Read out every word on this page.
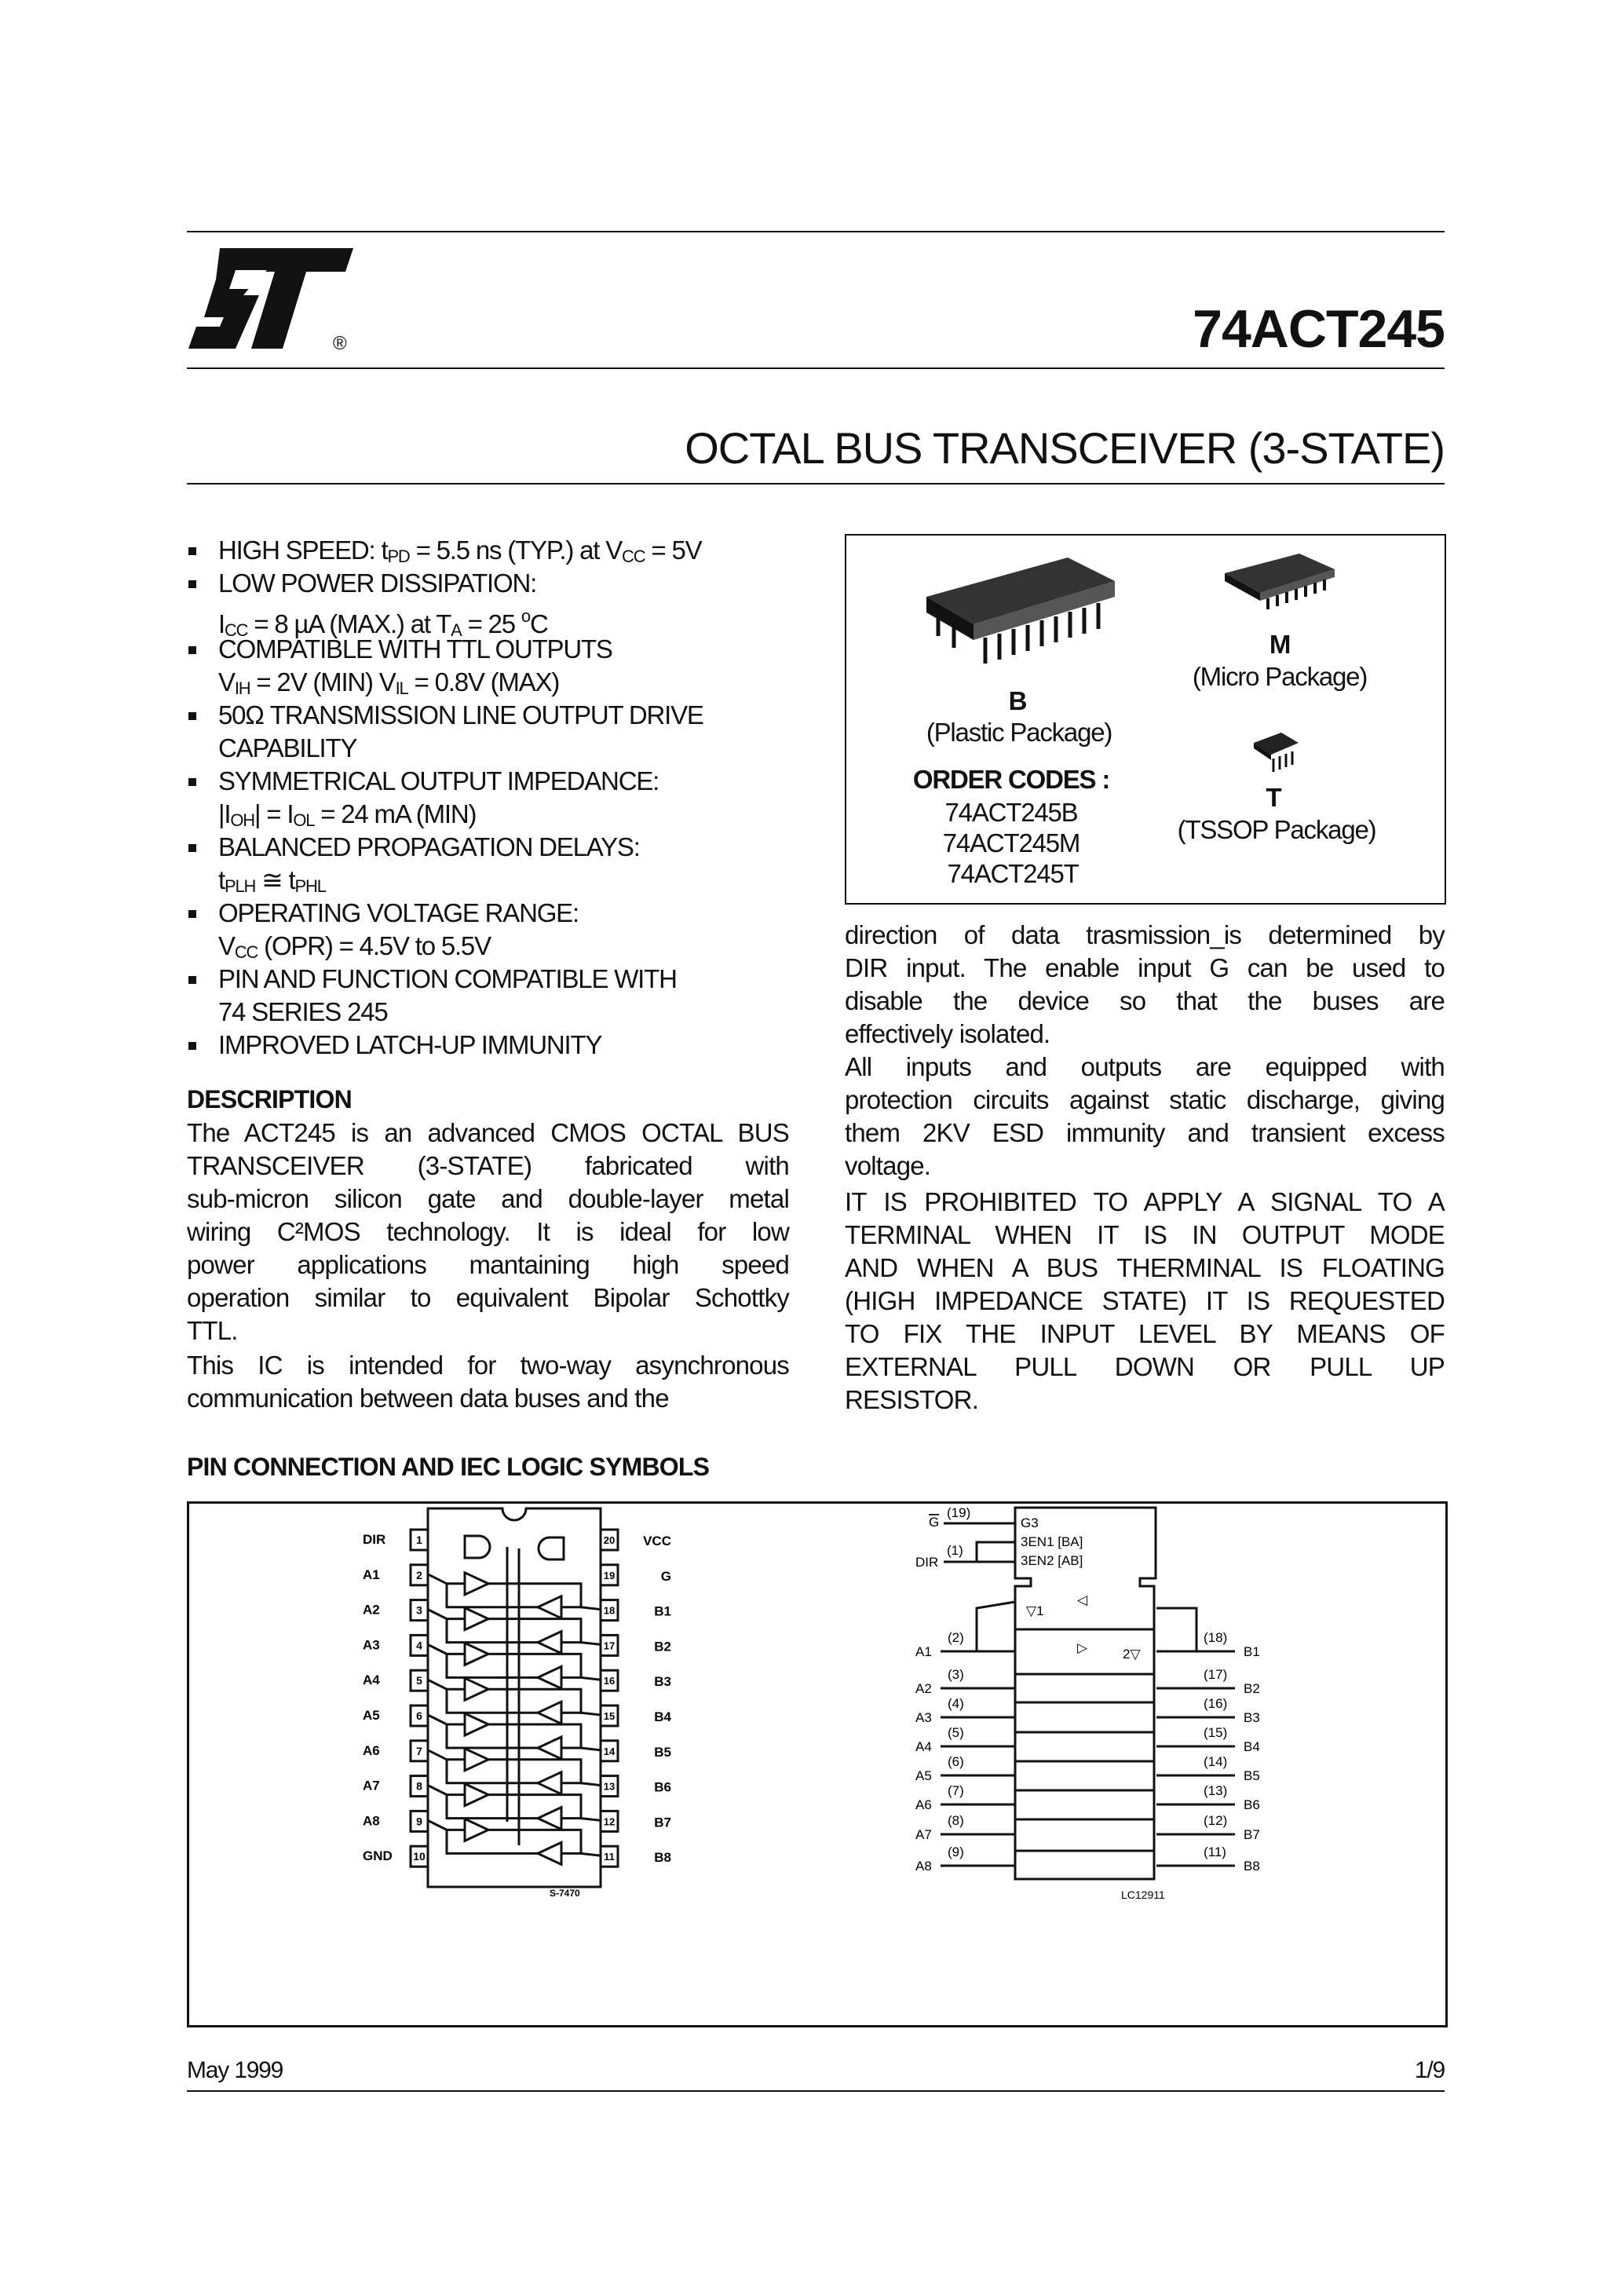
®	74ACT245
OCTAL BUS TRANSCEIVER (3-STATE)
HIGH SPEED: $t_{PD} = 5.5$ ns (TYP.) at $V_{CC} = 5V$
LOW POWER DISSIPATION:
$I_{CC} = 8$ µA (MAX.) at $T_A = 25$ $^o$C
COMPATIBLE WITH TTL OUTPUTS
$V_{IH} = 2V$ (MIN) $V_{IL} = 0.8V$ (MAX)
50Ω TRANSMISSION LINE OUTPUT DRIVE
CAPABILITY
SYMMETRICAL OUTPUT IMPEDANCE:
$|I_{OH}| = I_{OL} = 24$ mA (MIN)
BALANCED PROPAGATION DELAYS:
$t_{PLH}$ ≅ $t_{PHL}$
OPERATING VOLTAGE RANGE:
$V_{CC}$ (OPR) = 4.5V to 5.5V
PIN AND FUNCTION COMPATIBLE WITH
74 SERIES 245
IMPROVED LATCH-UP IMMUNITY
DESCRIPTION
The ACT245 is an advanced CMOS OCTAL BUS
TRANSCEIVER (3-STATE) fabricated with
sub-micron silicon gate and double-layer metal
wiring C²MOS technology. It is ideal for low
power applications mantaining high speed
operation similar to equivalent Bipolar Schottky
TTL.
This IC is intended for two-way asynchronous
communication between data buses and the
direction of data trasmission_is determined by
DIR input. The enable input G can be used to
disable the device so that the buses are
effectively isolated.
All inputs and outputs are equipped with
protection circuits against static discharge, giving
them 2KV ESD immunity and transient excess
voltage.
IT IS PROHIBITED TO APPLY A SIGNAL TO A
TERMINAL WHEN IT IS IN OUTPUT MODE
AND WHEN A BUS THERMINAL IS FLOATING
(HIGH IMPEDANCE STATE) IT IS REQUESTED
TO FIX THE INPUT LEVEL BY MEANS OF
EXTERNAL PULL DOWN OR PULL UP
RESISTOR.
B
(Plastic Package)
ORDER CODES :
74ACT245B
74ACT245M
74ACT245T
M
(Micro Package)
T
(TSSOP Package)
PIN CONNECTION AND IEC LOGIC SYMBOLS
1	20
DIR	VCC
2	19
A1	G
3	18
A2	B1
4	17
A3	B2
5	16
A4	B3
6	15
A5	B4
7	14
A6	B5
8	13
A7	B6
9	12
A8	B7
10	11
GND	B8
S-7470
G
(19)
DIR
(1)
G3
3EN1 [BA]
3EN2 [AB]
▽1
2▽
◁
▷
A1
(2)
B1
(18)
A2
(3)
B2
(17)
A3
(4)
B3
(16)
A4
(5)
B4
(15)
A5
(6)
B5
(14)
A6
(7)
B6
(13)
A7
(8)
B7
(12)
A8
(9)
B8
(11)
LC12911
May 1999	1/9
